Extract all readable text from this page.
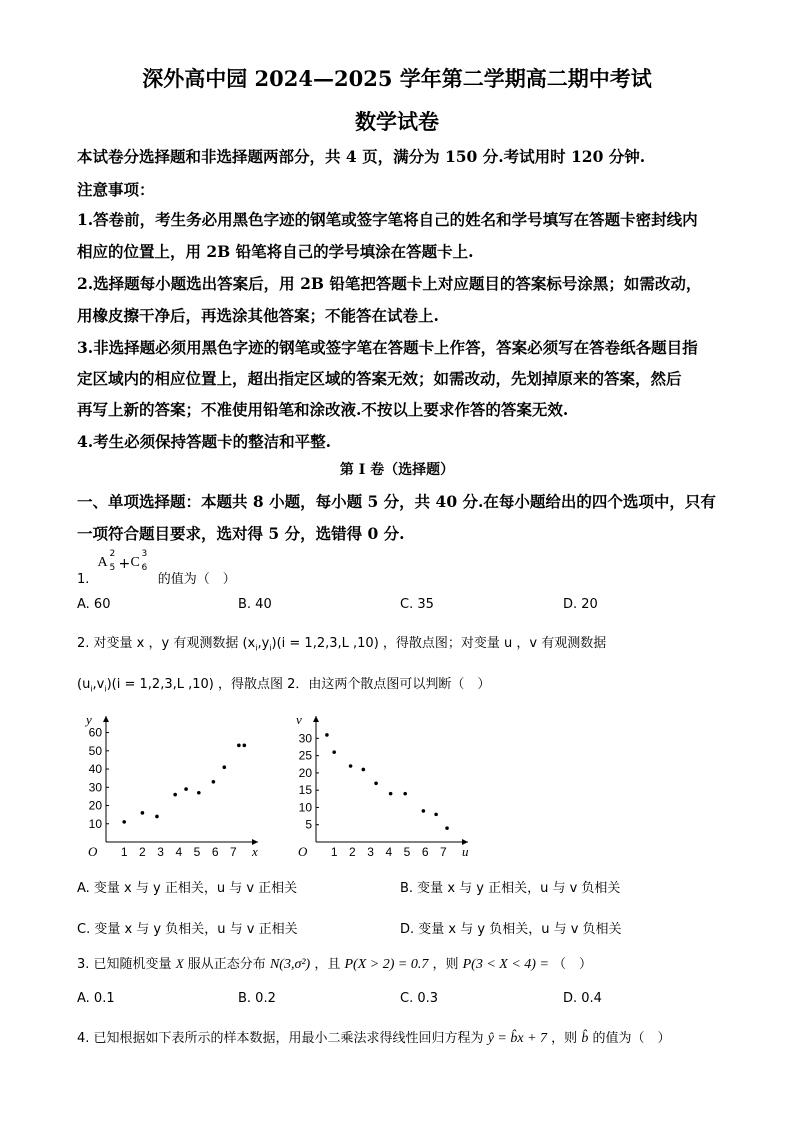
深外高中园 2024—2025 学年第二学期高二期中考试
数学试卷
本试卷分选择题和非选择题两部分，共 4 页，满分为 150 分.考试用时 120 分钟.
注意事项：
1.答卷前，考生务必用黑色字迹的钢笔或签字笔将自己的姓名和学号填写在答题卡密封线内
相应的位置上，用 2B 铅笔将自己的学号填涂在答题卡上.
2.选择题每小题选出答案后，用 2B 铅笔把答题卡上对应题目的答案标号涂黑；如需改动，
用橡皮擦干净后，再选涂其他答案；不能答在试卷上.
3.非选择题必须用黑色字迹的钢笔或签字笔在答题卡上作答，答案必须写在答卷纸各题目指
定区域内的相应位置上，超出指定区域的答案无效；如需改动，先划掉原来的答案，然后
再写上新的答案；不准使用铅笔和涂改液.不按以上要求作答的答案无效.
4.考生必须保持答题卡的整洁和平整.
第 I 卷（选择题）
一、单项选择题：本题共 8 小题，每小题 5 分，共 40 分.在每小题给出的四个选项中，只有
一项符合题目要求，选对得 5 分，选错得 0 分.
1.
A
2
5 + C
3
6
的值为（　）
A. 60	B. 40	C. 35	D. 20
2. 对变量 x ，y 有观测数据 $(x_i,y_i)(i = 1,2,3,L$ ,10) ，得散点图；对变量 u ，v 有观测数据
$(u_i,v_i)(i = 1,2,3,L$ ,10) ，得散点图 2．由这两个散点图可以判断（　）
x
y
O 1 2 3 4 5 6 7
10
20
30
40
50
60
u
v
O 1 2 3 4 5 6 7
5
10
15
20
25
30
A. 变量 x 与 y 正相关，u 与 v 正相关	B. 变量 x 与 y 正相关，u 与 v 负相关
C. 变量 x 与 y 负相关，u 与 v 正相关	D. 变量 x 与 y 负相关，u 与 v 负相关
3. 已知随机变量 X 服从正态分布 N(3,σ²) ，且 P(X > 2) = 0.7 ，则 P(3 < X < 4) = （　）
A. 0.1	B. 0.2	C. 0.3	D. 0.4
4. 已知根据如下表所示的样本数据，用最小二乘法求得线性回归方程为 ŷ = b̂x + 7 ，则 b̂ 的值为（　）
